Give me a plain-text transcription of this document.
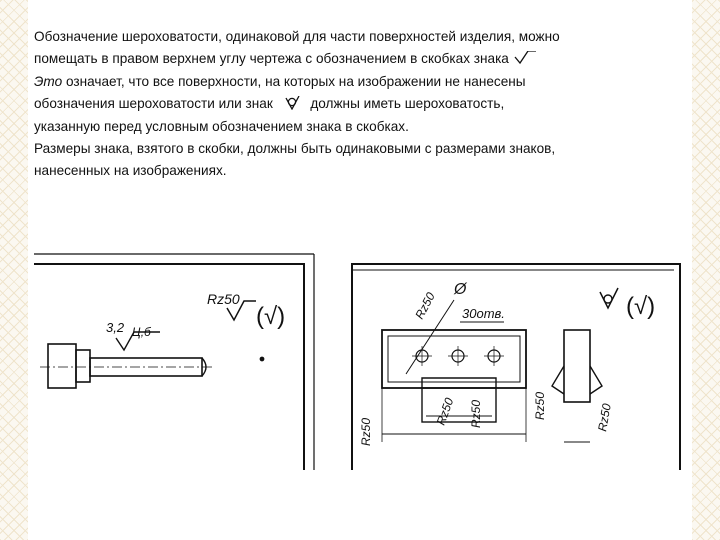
Обозначение шероховатости, одинаковой для части поверхностей изделия, можно

помещать в правом верхнем углу чертежа с обозначением в скобках знака

Это означает, что все поверхности, на которых на изображении не нанесены

обозначения шероховатости или знак	должны иметь шероховатость,

указанную перед условным обозначением знака в скобках.

Размеры знака, взятого в скобки, должны быть одинаковыми с размерами знаков,

нанесенных на изображениях.

Rz50
(√)
3,2 Ц,б
(√)
Rz50
Ø
30отв.
Rz50
Rz50 Rz50	Rz50	Rz50
